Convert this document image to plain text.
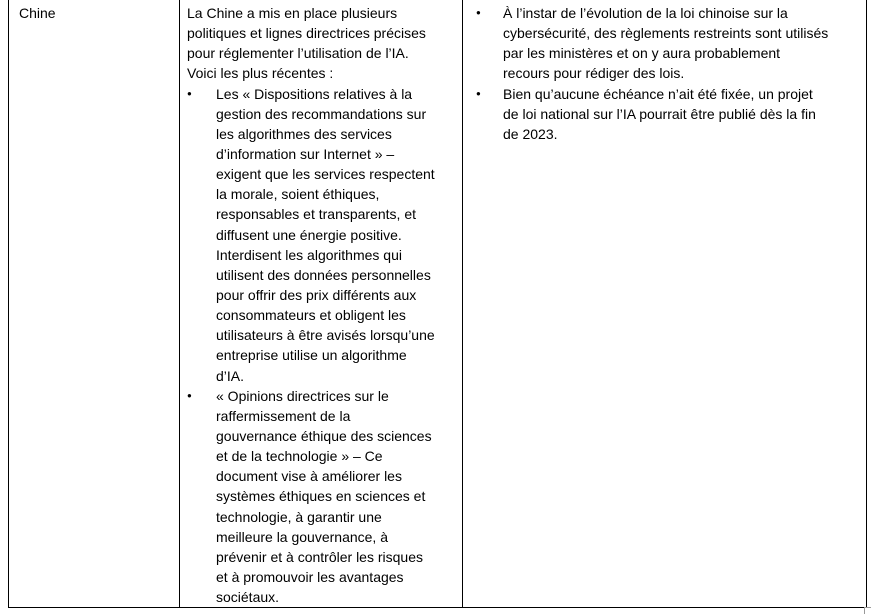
Chine	La Chine a mis en place plusieurs
politiques et lignes directrices précises
pour réglementer l’utilisation de l’IA.
Voici les plus récentes :
Les « Dispositions relatives à la
●
gestion des recommandations sur
les algorithmes des services
d’information sur Internet » –
exigent que les services respectent
la morale, soient éthiques,
responsables et transparents, et
diffusent une énergie positive.
Interdisent les algorithmes qui
utilisent des données personnelles
pour offrir des prix différents aux
consommateurs et obligent les
utilisateurs à être avisés lorsqu’une
entreprise utilise un algorithme
d’IA.
« Opinions directrices sur le
●
raffermissement de la
gouvernance éthique des sciences
et de la technologie » – Ce
document vise à améliorer les
systèmes éthiques en sciences et
technologie, à garantir une
meilleure la gouvernance, à
prévenir et à contrôler les risques
et à promouvoir les avantages
sociétaux.
À l’instar de l’évolution de la loi chinoise sur la
●
cybersécurité, des règlements restreints sont utilisés
par les ministères et on y aura probablement
recours pour rédiger des lois.
Bien qu’aucune échéance n’ait été fixée, un projet
●
de loi national sur l’IA pourrait être publié dès la fin
de 2023.
